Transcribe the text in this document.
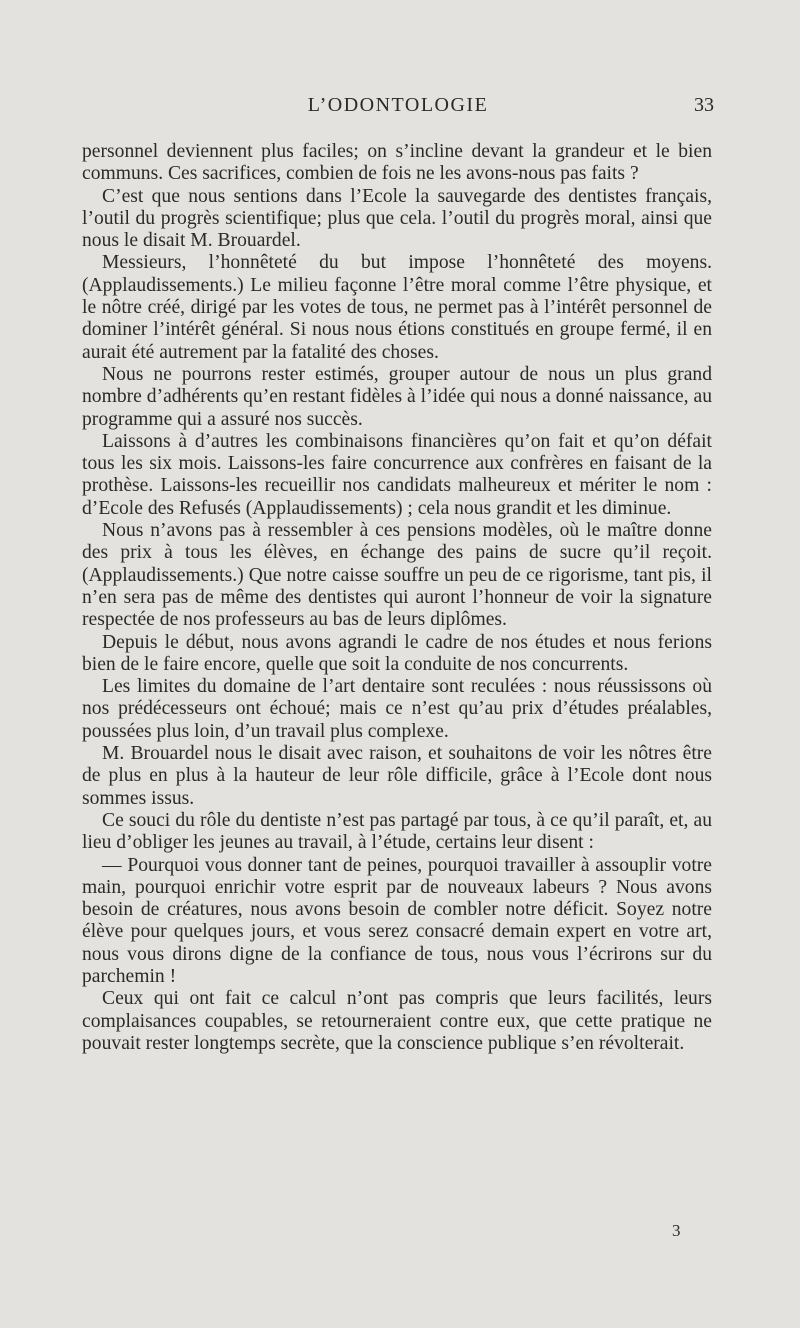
L’ODONTOLOGIE	33

personnel deviennent plus faciles; on s’incline devant la grandeur et le bien communs. Ces sacrifices, combien de fois ne les avons-nous pas faits ?

C’est que nous sentions dans l’Ecole la sauvegarde des dentistes français, l’outil du progrès scientifique; plus que cela. l’outil du progrès moral, ainsi que nous le disait M. Brouardel.

Messieurs, l’honnêteté du but impose l’honnêteté des moyens. (Applaudissements.) Le milieu façonne l’être moral comme l’être physique, et le nôtre créé, dirigé par les votes de tous, ne permet pas à l’intérêt personnel de dominer l’intérêt général. Si nous nous étions constitués en groupe fermé, il en aurait été autrement par la fatalité des choses.

Nous ne pourrons rester estimés, grouper autour de nous un plus grand nombre d’adhérents qu’en restant fidèles à l’idée qui nous a donné naissance, au programme qui a assuré nos succès.

Laissons à d’autres les combinaisons financières qu’on fait et qu’on défait tous les six mois. Laissons-les faire concurrence aux confrères en faisant de la prothèse. Laissons-les recueillir nos candidats malheureux et mériter le nom : d’Ecole des Refusés (Applaudissements) ; cela nous grandit et les diminue.

Nous n’avons pas à ressembler à ces pensions modèles, où le maître donne des prix à tous les élèves, en échange des pains de sucre qu’il reçoit. (Applaudissements.) Que notre caisse souffre un peu de ce rigorisme, tant pis, il n’en sera pas de même des dentistes qui auront l’honneur de voir la signature respectée de nos professeurs au bas de leurs diplômes.

Depuis le début, nous avons agrandi le cadre de nos études et nous ferions bien de le faire encore, quelle que soit la conduite de nos concurrents.

Les limites du domaine de l’art dentaire sont reculées : nous réussissons où nos prédécesseurs ont échoué; mais ce n’est qu’au prix d’études préalables, poussées plus loin, d’un travail plus complexe.

M. Brouardel nous le disait avec raison, et souhaitons de voir les nôtres être de plus en plus à la hauteur de leur rôle difficile, grâce à l’Ecole dont nous sommes issus.

Ce souci du rôle du dentiste n’est pas partagé par tous, à ce qu’il paraît, et, au lieu d’obliger les jeunes au travail, à l’étude, certains leur disent :

— Pourquoi vous donner tant de peines, pourquoi travailler à assouplir votre main, pourquoi enrichir votre esprit par de nouveaux labeurs ? Nous avons besoin de créatures, nous avons besoin de combler notre déficit. Soyez notre élève pour quelques jours, et vous serez consacré demain expert en votre art, nous vous dirons digne de la confiance de tous, nous vous l’écrirons sur du parchemin !

Ceux qui ont fait ce calcul n’ont pas compris que leurs facilités, leurs complaisances coupables, se retourneraient contre eux, que cette pratique ne pouvait rester longtemps secrète, que la conscience publique s’en révolterait.

3
